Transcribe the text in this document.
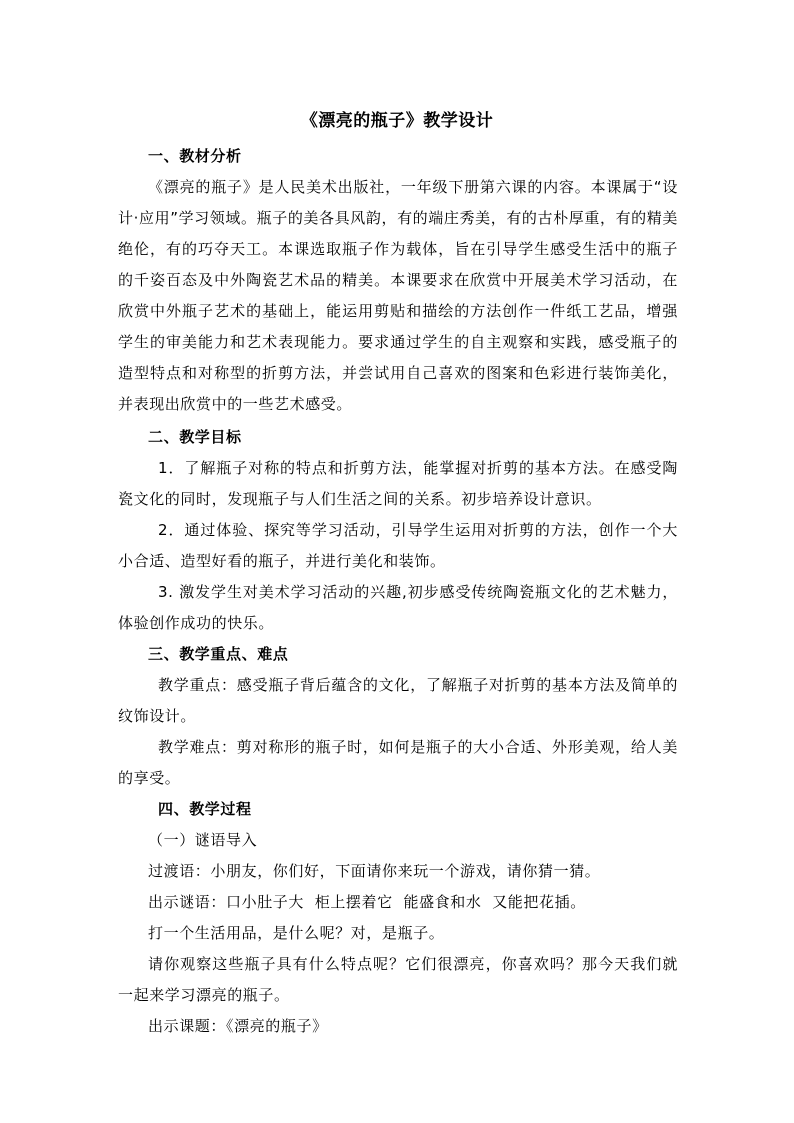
《漂亮的瓶子》教学设计

一、教材分析

《漂亮的瓶子》是人民美术出版社，一年级下册第六课的内容。本课属于“设计·应用”学习领域。瓶子的美各具风韵，有的端庄秀美，有的古朴厚重，有的精美绝伦，有的巧夺天工。本课选取瓶子作为载体，旨在引导学生感受生活中的瓶子的千姿百态及中外陶瓷艺术品的精美。本课要求在欣赏中开展美术学习活动，在欣赏中外瓶子艺术的基础上，能运用剪贴和描绘的方法创作一件纸工艺品，增强学生的审美能力和艺术表现能力。要求通过学生的自主观察和实践，感受瓶子的造型特点和对称型的折剪方法，并尝试用自己喜欢的图案和色彩进行装饰美化，并表现出欣赏中的一些艺术感受。

二、教学目标

1．了解瓶子对称的特点和折剪方法，能掌握对折剪的基本方法。在感受陶瓷文化的同时，发现瓶子与人们生活之间的关系。初步培养设计意识。

2．通过体验、探究等学习活动，引导学生运用对折剪的方法，创作一个大小合适、造型好看的瓶子，并进行美化和装饰。

3. 激发学生对美术学习活动的兴趣,初步感受传统陶瓷瓶文化的艺术魅力，体验创作成功的快乐。

三、教学重点、难点

教学重点：感受瓶子背后蕴含的文化，了解瓶子对折剪的基本方法及简单的纹饰设计。

教学难点：剪对称形的瓶子时，如何是瓶子的大小合适、外形美观，给人美的享受。

四、教学过程

（一）谜语导入

过渡语：小朋友，你们好，下面请你来玩一个游戏，请你猜一猜。

出示谜语：口小肚子大  柜上摆着它  能盛食和水  又能把花插。

打一个生活用品，是什么呢？对，是瓶子。

请你观察这些瓶子具有什么特点呢？它们很漂亮，你喜欢吗？那今天我们就一起来学习漂亮的瓶子。

出示课题：《漂亮的瓶子》
